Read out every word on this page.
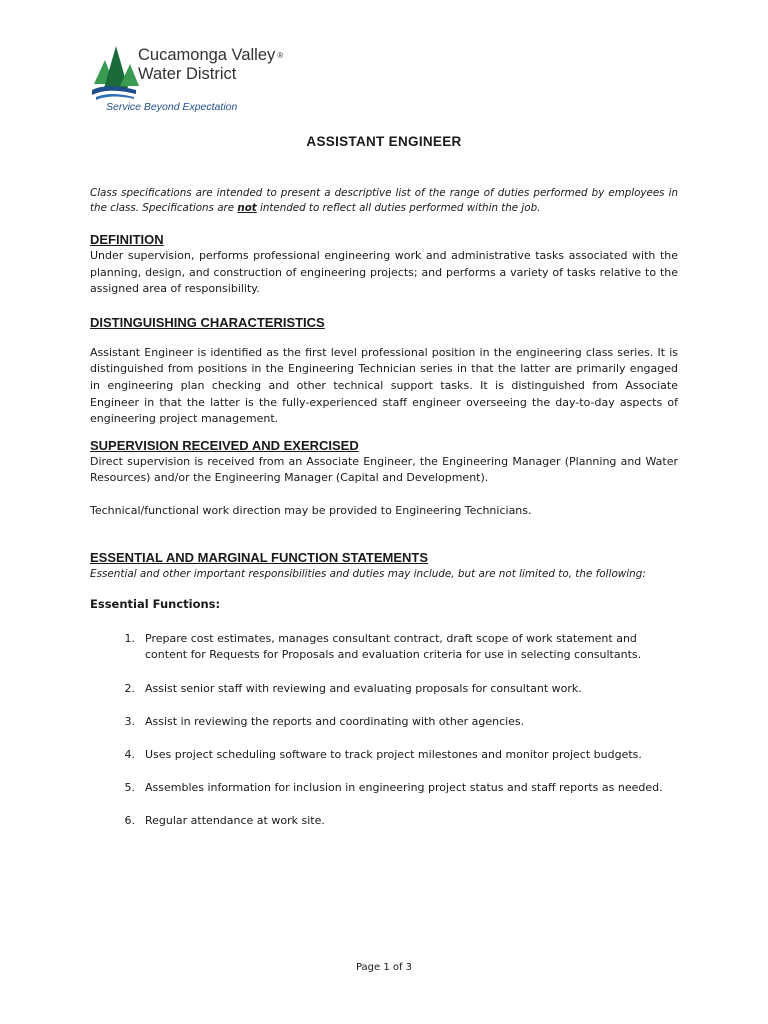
Cucamonga Valley ®
Water District
Service Beyond Expectation
ASSISTANT ENGINEER

Class specifications are intended to present a descriptive list of the range of duties performed by employees in the class. Specifications are not intended to reflect all duties performed within the job.

DEFINITION

Under supervision, performs professional engineering work and administrative tasks associated with the planning, design, and construction of engineering projects; and performs a variety of tasks relative to the assigned area of responsibility.

DISTINGUISHING CHARACTERISTICS

Assistant Engineer is identified as the first level professional position in the engineering class series. It is distinguished from positions in the Engineering Technician series in that the latter are primarily engaged in engineering plan checking and other technical support tasks. It is distinguished from Associate Engineer in that the latter is the fully-experienced staff engineer overseeing the day-to-day aspects of engineering project management.

SUPERVISION RECEIVED AND EXERCISED

Direct supervision is received from an Associate Engineer, the Engineering Manager (Planning and Water Resources) and/or the Engineering Manager (Capital and Development).

Technical/functional work direction may be provided to Engineering Technicians.

ESSENTIAL AND MARGINAL FUNCTION STATEMENTS
Essential and other important responsibilities and duties may include, but are not limited to, the following:
Essential Functions:
1. Prepare cost estimates, manages consultant contract, draft scope of work statement and content for Requests for Proposals and evaluation criteria for use in selecting consultants.
2. Assist senior staff with reviewing and evaluating proposals for consultant work.
3. Assist in reviewing the reports and coordinating with other agencies.
4. Uses project scheduling software to track project milestones and monitor project budgets.
5. Assembles information for inclusion in engineering project status and staff reports as needed.
6. Regular attendance at work site.
Page 1 of 3
